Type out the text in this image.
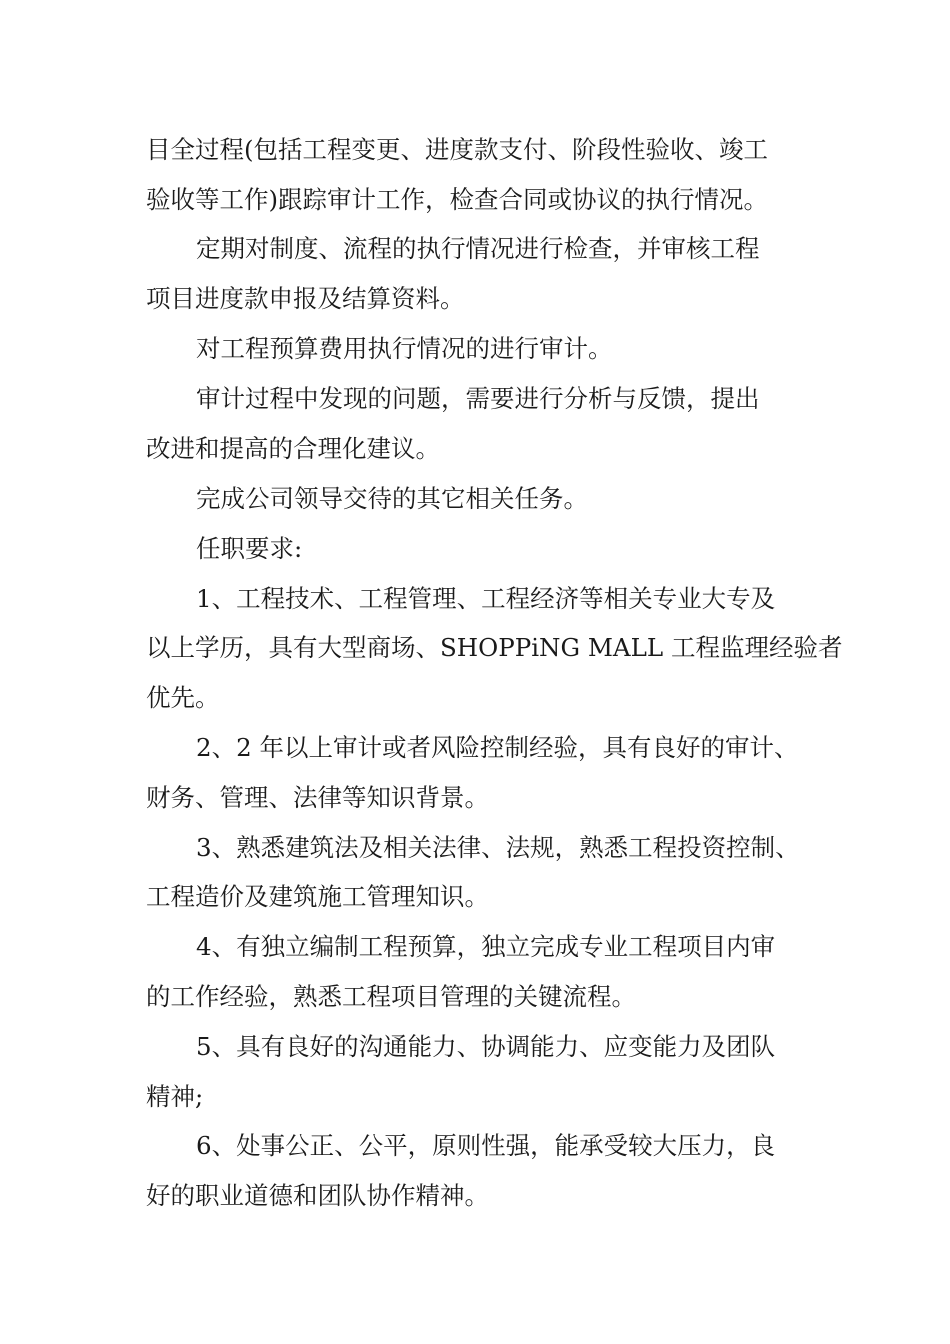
目全过程(包括工程变更、进度款支付、阶段性验收、竣工
验收等工作)跟踪审计工作，检查合同或协议的执行情况。
定期对制度、流程的执行情况进行检查，并审核工程
项目进度款申报及结算资料。
对工程预算费用执行情况的进行审计。
审计过程中发现的问题，需要进行分析与反馈，提出
改进和提高的合理化建议。
完成公司领导交待的其它相关任务。
任职要求:
1、工程技术、工程管理、工程经济等相关专业大专及
以上学历，具有大型商场、SHOPPiNG MALL 工程监理经验者
优先。
2、2 年以上审计或者风险控制经验，具有良好的审计、
财务、管理、法律等知识背景。
3、熟悉建筑法及相关法律、法规，熟悉工程投资控制、
工程造价及建筑施工管理知识。
4、有独立编制工程预算，独立完成专业工程项目内审
的工作经验，熟悉工程项目管理的关键流程。
5、具有良好的沟通能力、协调能力、应变能力及团队
精神;
6、处事公正、公平，原则性强，能承受较大压力，良
好的职业道德和团队协作精神。
